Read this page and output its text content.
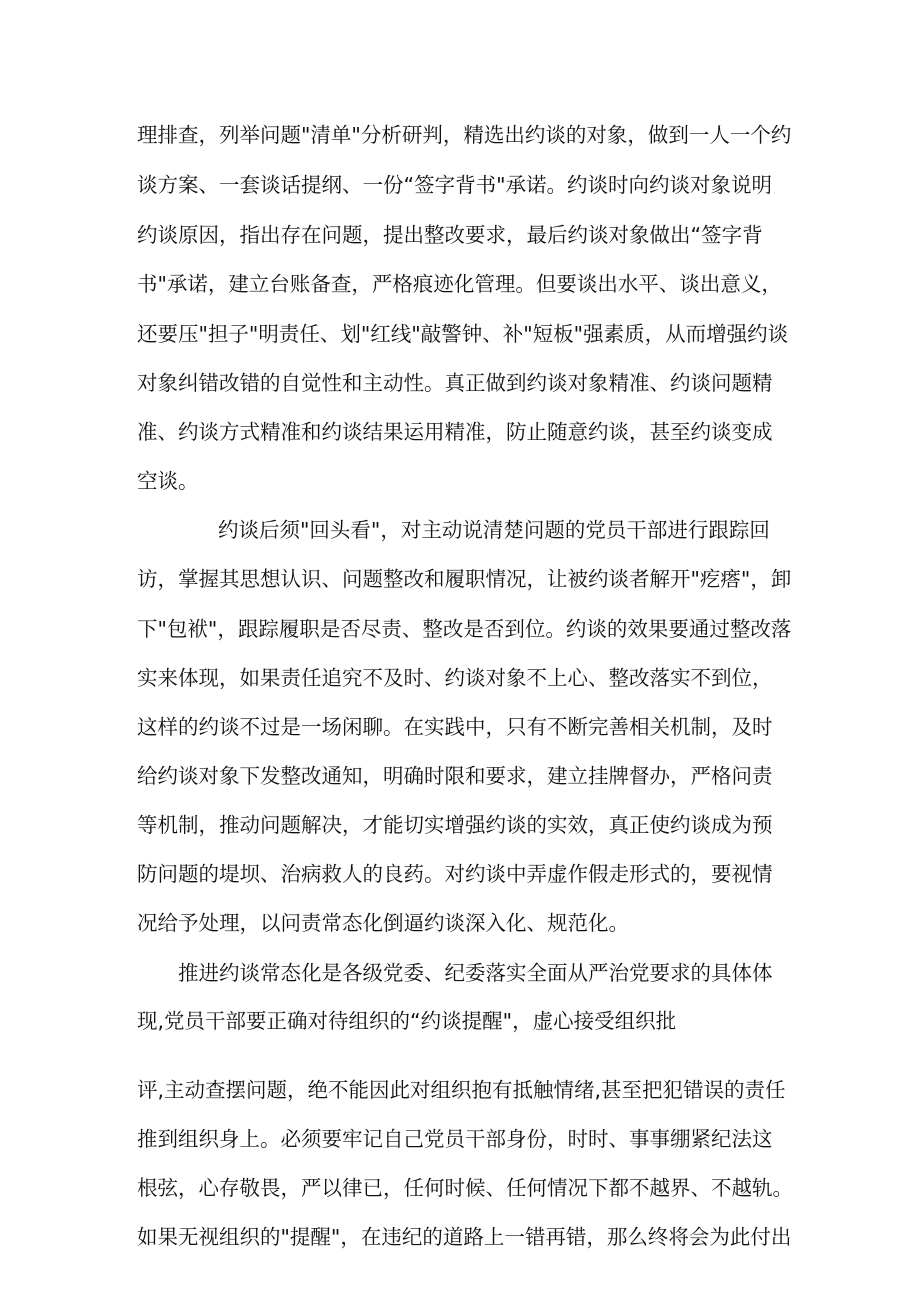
理排查，列举问题"清单"分析研判，精选出约谈的对象，做到一人一个约

谈方案、一套谈话提纲、一份“签字背书"承诺。约谈时向约谈对象说明

约谈原因，指出存在问题，提出整改要求，最后约谈对象做出“签字背

书"承诺，建立台账备查，严格痕迹化管理。但要谈出水平、谈出意义，

还要压"担子"明责任、划"红线"敲警钟、补"短板"强素质，从而增强约谈

对象纠错改错的自觉性和主动性。真正做到约谈对象精准、约谈问题精

准、约谈方式精准和约谈结果运用精准，防止随意约谈，甚至约谈变成

空谈。

约谈后须"回头看"，对主动说清楚问题的党员干部进行跟踪回

访，掌握其思想认识、问题整改和履职情况，让被约谈者解开"疙瘩"，卸

下"包袱"，跟踪履职是否尽责、整改是否到位。约谈的效果要通过整改落

实来体现，如果责任追究不及时、约谈对象不上心、整改落实不到位，

这样的约谈不过是一场闲聊。在实践中，只有不断完善相关机制，及时

给约谈对象下发整改通知，明确时限和要求，建立挂牌督办，严格问责

等机制，推动问题解决，才能切实增强约谈的实效，真正使约谈成为预

防问题的堤坝、治病救人的良药。对约谈中弄虚作假走形式的，要视情

况给予处理，以问责常态化倒逼约谈深入化、规范化。

推进约谈常态化是各级党委、纪委落实全面从严治党要求的具体体

现,党员干部要正确对待组织的“约谈提醒"，虚心接受组织批

评,主动查摆问题，绝不能因此对组织抱有抵触情绪,甚至把犯错误的责任

推到组织身上。必须要牢记自己党员干部身份，时时、事事绷紧纪法这

根弦，心存敬畏，严以律已，任何时候、任何情况下都不越界、不越轨。

如果无视组织的"提醒"，在违纪的道路上一错再错，那么终将会为此付出
